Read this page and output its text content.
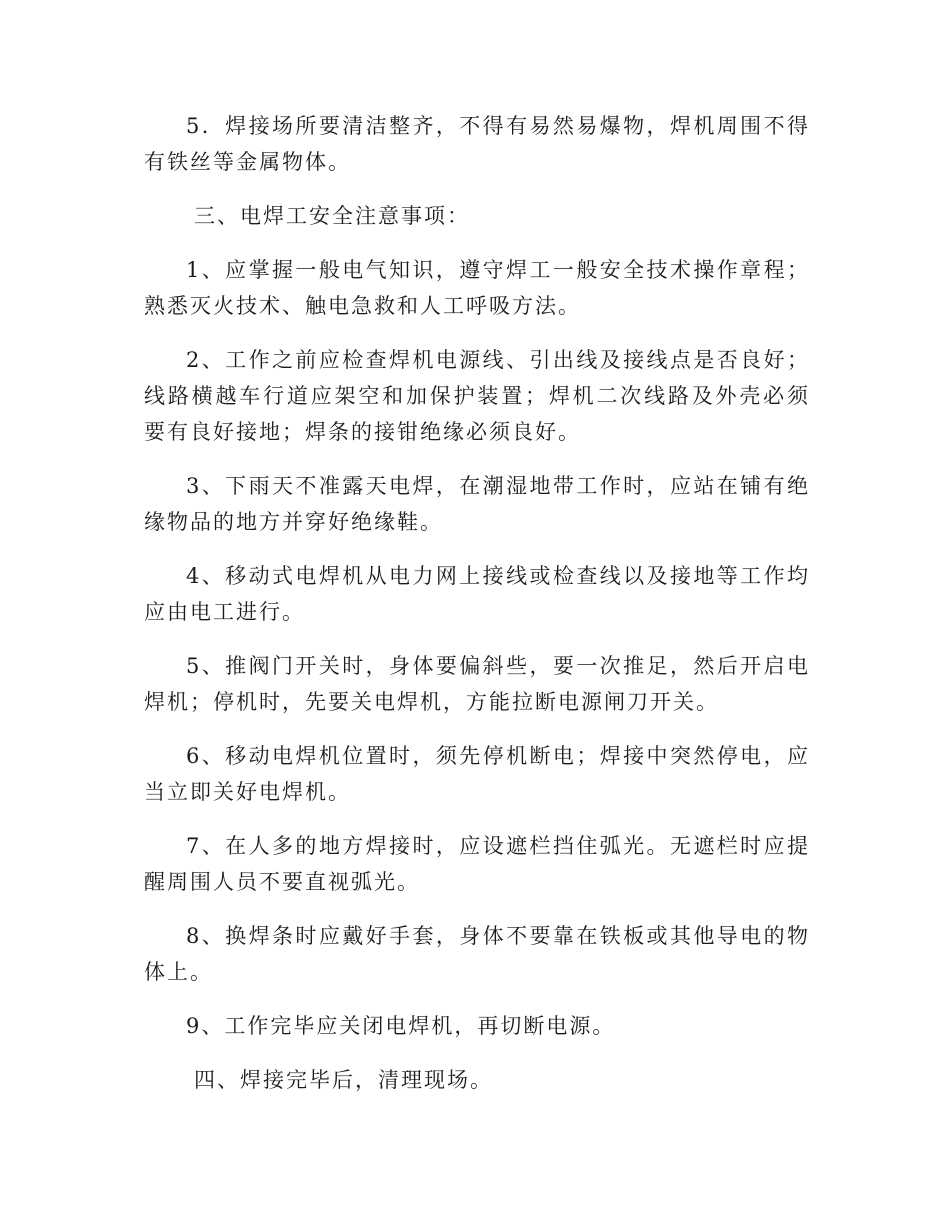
5．焊接场所要清洁整齐，不得有易然易爆物，焊机周围不得有铁丝等金属物体。

三、电焊工安全注意事项：

1、应掌握一般电气知识，遵守焊工一般安全技术操作章程；熟悉灭火技术、触电急救和人工呼吸方法。

2、工作之前应检查焊机电源线、引出线及接线点是否良好；线路横越车行道应架空和加保护装置；焊机二次线路及外壳必须要有良好接地；焊条的接钳绝缘必须良好。

3、下雨天不准露天电焊，在潮湿地带工作时，应站在铺有绝缘物品的地方并穿好绝缘鞋。

4、移动式电焊机从电力网上接线或检查线以及接地等工作均应由电工进行。

5、推阀门开关时，身体要偏斜些，要一次推足，然后开启电焊机；停机时，先要关电焊机，方能拉断电源闸刀开关。

6、移动电焊机位置时，须先停机断电；焊接中突然停电，应当立即关好电焊机。

7、在人多的地方焊接时，应设遮栏挡住弧光。无遮栏时应提醒周围人员不要直视弧光。

8、换焊条时应戴好手套，身体不要靠在铁板或其他导电的物体上。

9、工作完毕应关闭电焊机，再切断电源。

四、焊接完毕后，清理现场。
